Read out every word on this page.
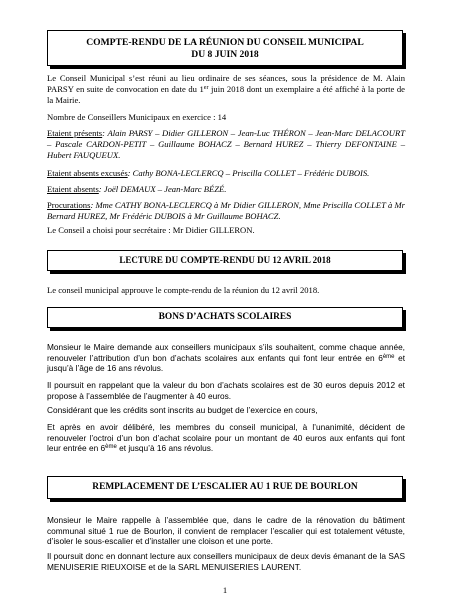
COMPTE-RENDU DE LA RÉUNION DU CONSEIL MUNICIPAL
DU 8 JUIN 2018
Le Conseil Municipal s’est réuni au lieu ordinaire de ses séances, sous la présidence de M. Alain PARSY en suite de convocation en date du 1er juin 2018 dont un exemplaire a été affiché à la porte de la Mairie.
Nombre de Conseillers Municipaux en exercice : 14
Etaient présents: Alain PARSY – Didier GILLERON – Jean-Luc THÉRON – Jean-Marc DELACOURT – Pascale CARDON-PETIT – Guillaume BOHACZ – Bernard HUREZ – Thierry DEFONTAINE – Hubert FAUQUEUX.
Etaient absents excusés: Cathy BONA-LECLERCQ – Priscilla COLLET – Frédéric DUBOIS.
Etaient absents: Joël DEMAUX – Jean-Marc BÉZÉ.
Procurations: Mme CATHY BONA-LECLERCQ à Mr Didier GILLERON, Mme Priscilla COLLET à Mr Bernard HUREZ, Mr Frédéric DUBOIS à Mr Guillaume BOHACZ.
Le Conseil a choisi pour secrétaire : Mr Didier GILLERON.
LECTURE DU COMPTE-RENDU DU 12 AVRIL 2018
Le conseil municipal approuve le compte-rendu de la réunion du 12 avril 2018.
BONS D’ACHATS SCOLAIRES
Monsieur le Maire demande aux conseillers municipaux s’ils souhaitent, comme chaque année, renouveler l’attribution d’un bon d’achats scolaires aux enfants qui font leur entrée en 6ème et jusqu’à l’âge de 16 ans révolus.
Il poursuit en rappelant que la valeur du bon d’achats scolaires est de 30 euros depuis 2012 et propose à l’assemblée de l’augmenter à 40 euros.
Considérant que les crédits sont inscrits au budget de l’exercice en cours,
Et après en avoir délibéré, les membres du conseil municipal, à l’unanimité, décident de renouveler l’octroi d’un bon d’achat scolaire pour un montant de 40 euros aux enfants qui font leur entrée en 6ème et jusqu’à 16 ans révolus.
REMPLACEMENT DE L’ESCALIER AU 1 RUE DE BOURLON
Monsieur le Maire rappelle à l’assemblée que, dans le cadre de la rénovation du bâtiment communal situé 1 rue de Bourlon, il convient de remplacer l’escalier qui est totalement vétuste, d’isoler le sous-escalier et d’installer une cloison et une porte.
Il poursuit donc en donnant lecture aux conseillers municipaux de deux devis émanant de la SAS MENUISERIE RIEUXOISE et de la SARL MENUISERIES LAURENT.
1
